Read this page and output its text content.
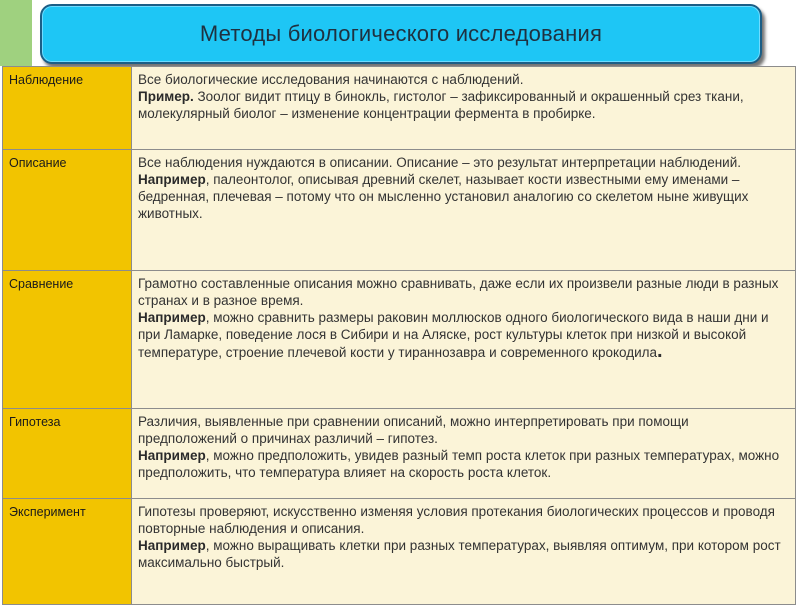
Методы биологического исследования
Наблюдение	Все биологические исследования начинаются с наблюдений.
Пример. Зоолог видит птицу в бинокль, гистолог – зафиксированный и окрашенный срез ткани, молекулярный биолог – изменение концентрации фермента в пробирке.
Описание	Все наблюдения нуждаются в описании. Описание – это результат интерпретации наблюдений.
Например, палеонтолог, описывая древний скелет, называет кости известными ему именами – бедренная, плечевая – потому что он мысленно установил аналогию со скелетом ныне живущих животных.
Сравнение	Грамотно составленные описания можно сравнивать, даже если их произвели разные люди в разных странах и в разное время.
Например, можно сравнить размеры раковин моллюсков одного биологического вида в наши дни и при Ламарке, поведение лося в Сибири и на Аляске, рост культуры клеток при низкой и высокой температуре, строение плечевой кости у тираннозавра и современного крокодила.
Гипотеза	Различия, выявленные при сравнении описаний, можно интерпретировать при помощи предположений о причинах различий – гипотез.
Например, можно предположить, увидев разный темп роста клеток при разных температурах, можно предположить, что температура влияет на скорость роста клеток.
Эксперимент	Гипотезы проверяют, искусственно изменяя условия протекания биологических процессов и проводя повторные наблюдения и описания.
Например, можно выращивать клетки при разных температурах, выявляя оптимум, при котором рост максимально быстрый.
